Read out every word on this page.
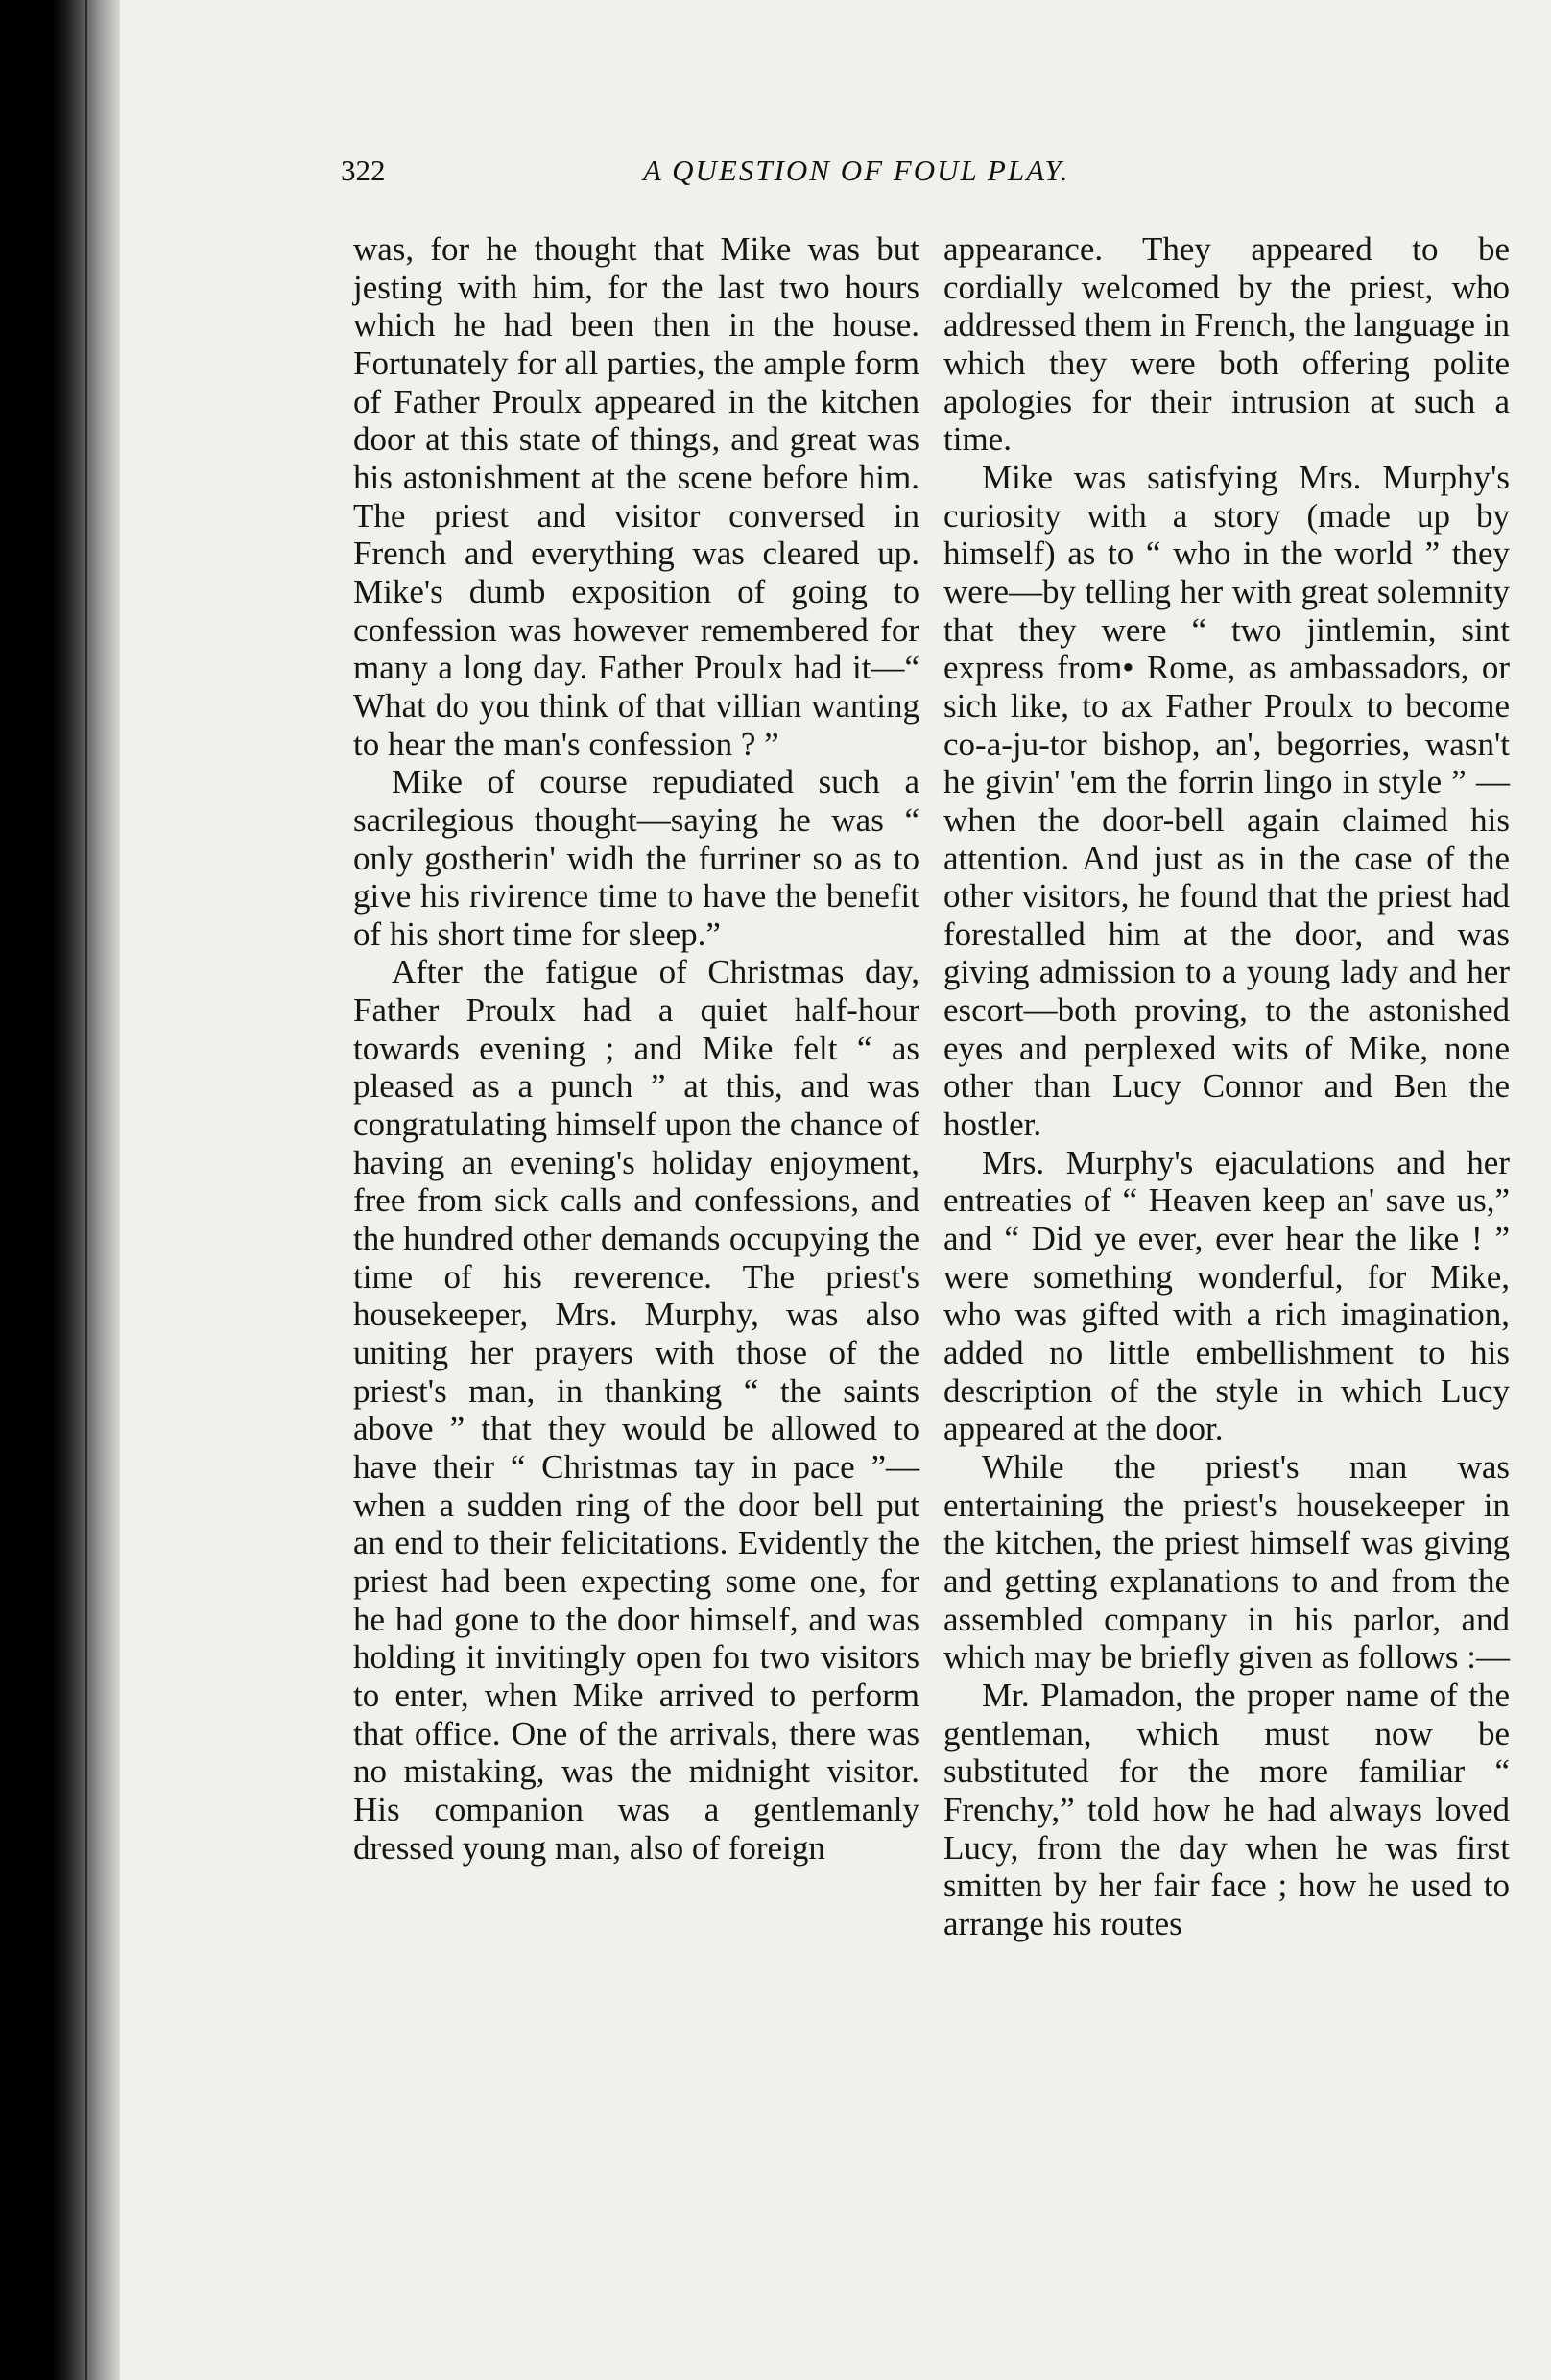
322	A QUESTION OF FOUL PLAY.

was, for he thought that Mike was but jesting with him, for the last two hours which he had been then in the house. Fortunately for all parties, the ample form of Father Proulx appeared in the kitchen door at this state of things, and great was his astonishment at the scene before him. The priest and visitor conversed in French and everything was cleared up. Mike's dumb exposition of going to confession was however remembered for many a long day. Father Proulx had it—“ What do you think of that villian wanting to hear the man's confession ? ”

Mike of course repudiated such a sacrilegious thought—saying he was “ only gostherin' widh the furriner so as to give his rivirence time to have the benefit of his short time for sleep.”

After the fatigue of Christmas day, Father Proulx had a quiet half-hour towards evening ; and Mike felt “ as pleased as a punch ” at this, and was congratulating himself upon the chance of having an evening's holiday enjoyment, free from sick calls and confessions, and the hundred other demands occupying the time of his reverence. The priest's housekeeper, Mrs. Murphy, was also uniting her prayers with those of the priest's man, in thanking “ the saints above ” that they would be allowed to have their “ Christmas tay in pace ”—when a sudden ring of the door bell put an end to their felicitations. Evidently the priest had been expecting some one, for he had gone to the door himself, and was holding it invitingly open foı two visitors to enter, when Mike arrived to perform that office. One of the arrivals, there was no mistaking, was the midnight visitor. His companion was a gentlemanly dressed young man, also of foreign

appearance. They appeared to be cordially welcomed by the priest, who addressed them in French, the language in which they were both offering polite apologies for their intrusion at such a time.

Mike was satisfying Mrs. Murphy's curiosity with a story (made up by himself) as to “ who in the world ” they were—by telling her with great solemnity that they were “ two jintlemin, sint express from• Rome, as ambassadors, or sich like, to ax Father Proulx to become co-a-ju-tor bishop, an', begorries, wasn't he givin' 'em the forrin lingo in style ” —when the door-bell again claimed his attention. And just as in the case of the other visitors, he found that the priest had forestalled him at the door, and was giving admission to a young lady and her escort—both proving, to the astonished eyes and perplexed wits of Mike, none other than Lucy Connor and Ben the hostler.

Mrs. Murphy's ejaculations and her entreaties of “ Heaven keep an' save us,” and “ Did ye ever, ever hear the like ! ” were something wonderful, for Mike, who was gifted with a rich imagination, added no little embellishment to his description of the style in which Lucy appeared at the door.

While the priest's man was entertaining the priest's housekeeper in the kitchen, the priest himself was giving and getting explanations to and from the assembled company in his parlor, and which may be briefly given as follows :—

Mr. Plamadon, the proper name of the gentleman, which must now be substituted for the more familiar “ Frenchy,” told how he had always loved Lucy, from the day when he was first smitten by her fair face ; how he used to arrange his routes
